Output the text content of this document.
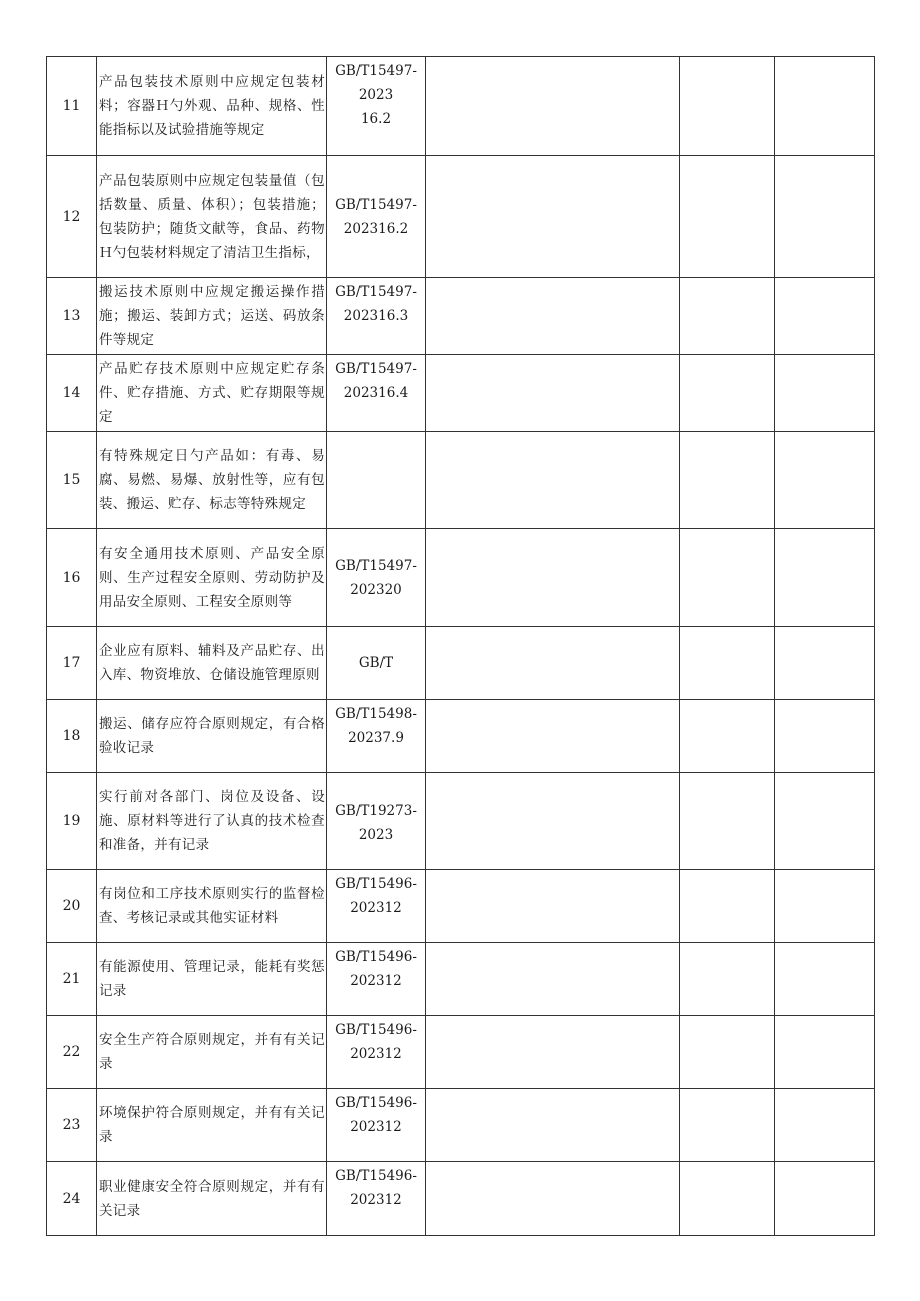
11	产品包装技术原则中应规定包装材料；容器Ｈ勺外观、品种、规格、性能指标以及试验措施等规定	GB/T15497-
2023
16.2			

12	产品包装原则中应规定包装量值（包括数量、质量、体积）；包装措施；包装防护；随货文献等，食品、药物Ｈ勺包装材料规定了清洁卫生指标，	GB/T15497-
202316.2			

13	搬运技术原则中应规定搬运操作措施；搬运、装卸方式；运送、码放条件等规定	GB/T15497-
202316.3			

14	产品贮存技术原则中应规定贮存条件、贮存措施、方式、贮存期限等规定	GB/T15497-
202316.4			

15	有特殊规定日勺产品如：有毒、易腐、易燃、易爆、放射性等，应有包装、搬运、贮存、标志等特殊规定	

16	有安全通用技术原则、产品安全原则、生产过程安全原则、劳动防护及用品安全原则、工程安全原则等	GB/T15497-
202320			

17	企业应有原料、辅料及产品贮存、出入库、物资堆放、仓储设施管理原则	GB/T			

18	搬运、储存应符合原则规定，有合格验收记录	GB/T15498-
20237.9			

19	实行前对各部门、岗位及设备、设施、原材料等进行了认真的技术检查和准备，并有记录	GB/T19273-
2023			

20	有岗位和工序技术原则实行的监督检查、考核记录或其他实证材料	GB/T15496-
202312			

21	有能源使用、管理记录，能耗有奖惩记录	GB/T15496-
202312			

22	安全生产符合原则规定，并有有关记录	GB/T15496-
202312			

23	环境保护符合原则规定，并有有关记录	GB/T15496-
202312			

24	职业健康安全符合原则规定，并有有关记录	GB/T15496-
202312			
